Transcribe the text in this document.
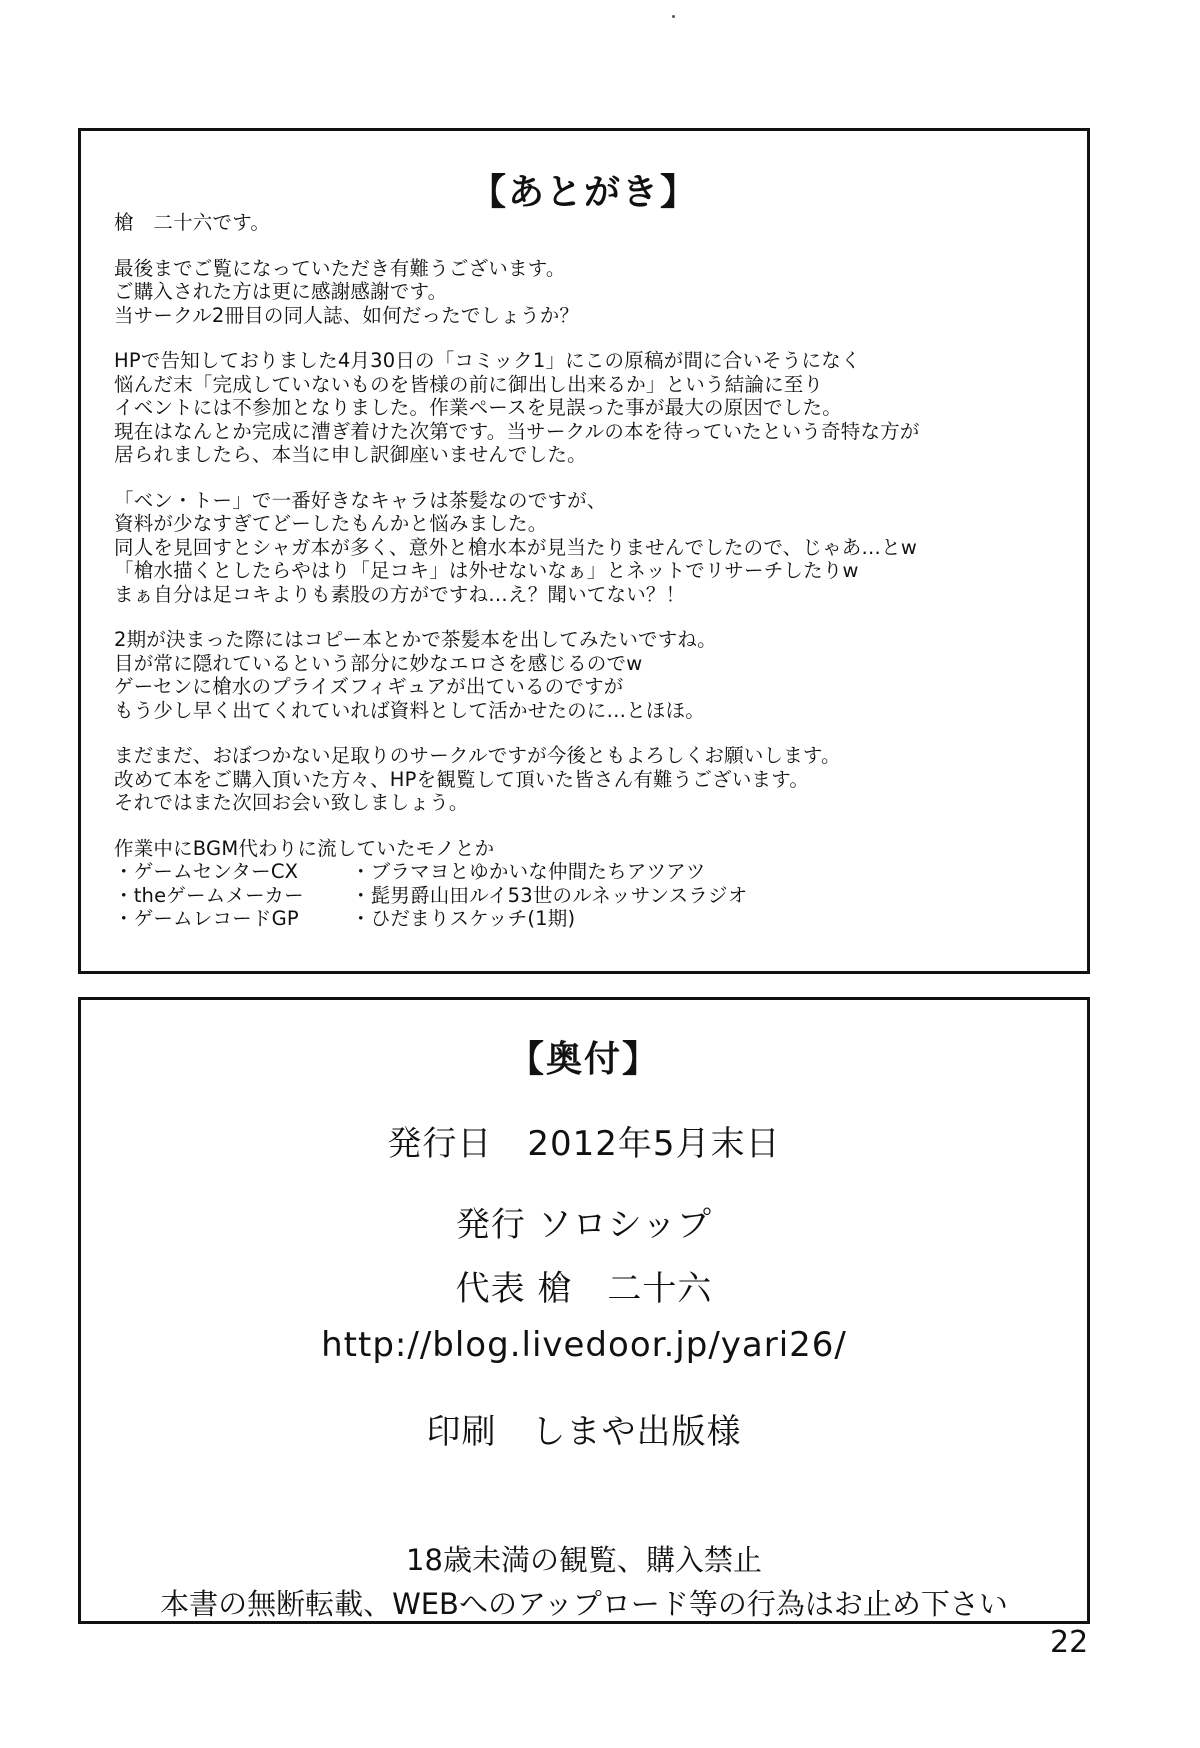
【あとがき】
槍　二十六です。
最後までご覧になっていただき有難うございます。
ご購入された方は更に感謝感謝です。
当サークル2冊目の同人誌、如何だったでしょうか？
HPで告知しておりました4月30日の「コミック1」にこの原稿が間に合いそうになく
悩んだ末「完成していないものを皆様の前に御出し出来るか」という結論に至り
イベントには不参加となりました。作業ペースを見誤った事が最大の原因でした。
現在はなんとか完成に漕ぎ着けた次第です。当サークルの本を待っていたという奇特な方が
居られましたら、本当に申し訳御座いませんでした。
「ベン・トー」で一番好きなキャラは茶髪なのですが、
資料が少なすぎてどーしたもんかと悩みました。
同人を見回すとシャガ本が多く、意外と槍水本が見当たりませんでしたので、じゃあ…とw
「槍水描くとしたらやはり「足コキ」は外せないなぁ」とネットでリサーチしたりw
まぁ自分は足コキよりも素股の方がですね…え？聞いてない？！
2期が決まった際にはコピー本とかで茶髪本を出してみたいですね。
目が常に隠れているという部分に妙なエロさを感じるのでw
ゲーセンに槍水のプライズフィギュアが出ているのですが
もう少し早く出てくれていれば資料として活かせたのに…とほほ。
まだまだ、おぼつかない足取りのサークルですが今後ともよろしくお願いします。
改めて本をご購入頂いた方々、HPを観覧して頂いた皆さん有難うございます。
それではまた次回お会い致しましょう。
作業中にBGM代わりに流していたモノとか
・ゲームセンターCX	・ブラマヨとゆかいな仲間たちアツアツ
・theゲームメーカー	・髭男爵山田ルイ53世のルネッサンスラジオ
・ゲームレコードGP	・ひだまりスケッチ(1期)
【奥付】

発行日　2012年5月末日

発行 ソロシップ

代表 槍　二十六

http://blog.livedoor.jp/yari26/

印刷　しまや出版様

18歳未満の観覧、購入禁止

本書の無断転載、WEBへのアップロード等の行為はお止め下さい

22
